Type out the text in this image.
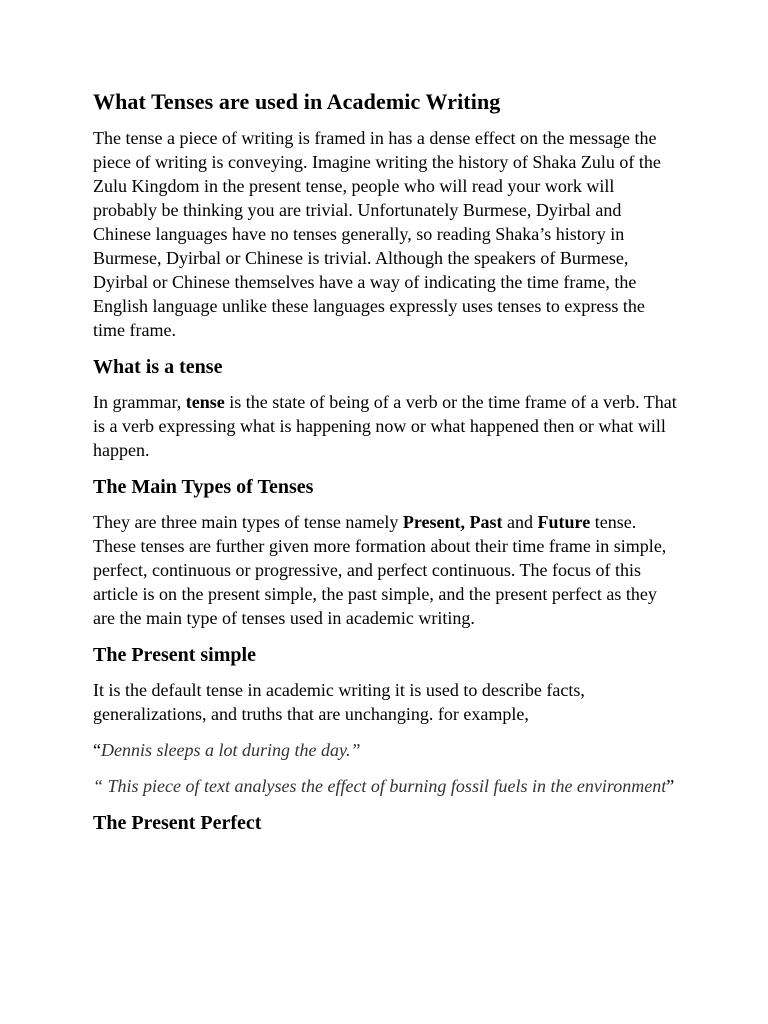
What Tenses are used in Academic Writing

The tense a piece of writing is framed in has a dense effect on the message the piece of writing is conveying. Imagine writing the history of Shaka Zulu of the Zulu Kingdom in the present tense, people who will read your work will probably be thinking you are trivial. Unfortunately Burmese, Dyirbal and Chinese languages have no tenses generally, so reading Shaka’s history in Burmese, Dyirbal or Chinese is trivial. Although the speakers of Burmese, Dyirbal or Chinese themselves have a way of indicating the time frame, the English language unlike these languages expressly uses tenses to express the time frame.

What is a tense

In grammar, tense is the state of being of a verb or the time frame of a verb. That is a verb expressing what is happening now or what happened then or what will happen.

The Main Types of Tenses

They are three main types of tense namely Present, Past and Future tense. These tenses are further given more formation about their time frame in simple, perfect, continuous or progressive, and perfect continuous. The focus of this article is on the present simple, the past simple, and the present perfect as they are the main type of tenses used in academic writing.

The Present simple

It is the default tense in academic writing it is used to describe facts, generalizations, and truths that are unchanging. for example,

“Dennis sleeps a lot during the day.”
“ This piece of text analyses the effect of burning fossil fuels in the environment”
The Present Perfect
